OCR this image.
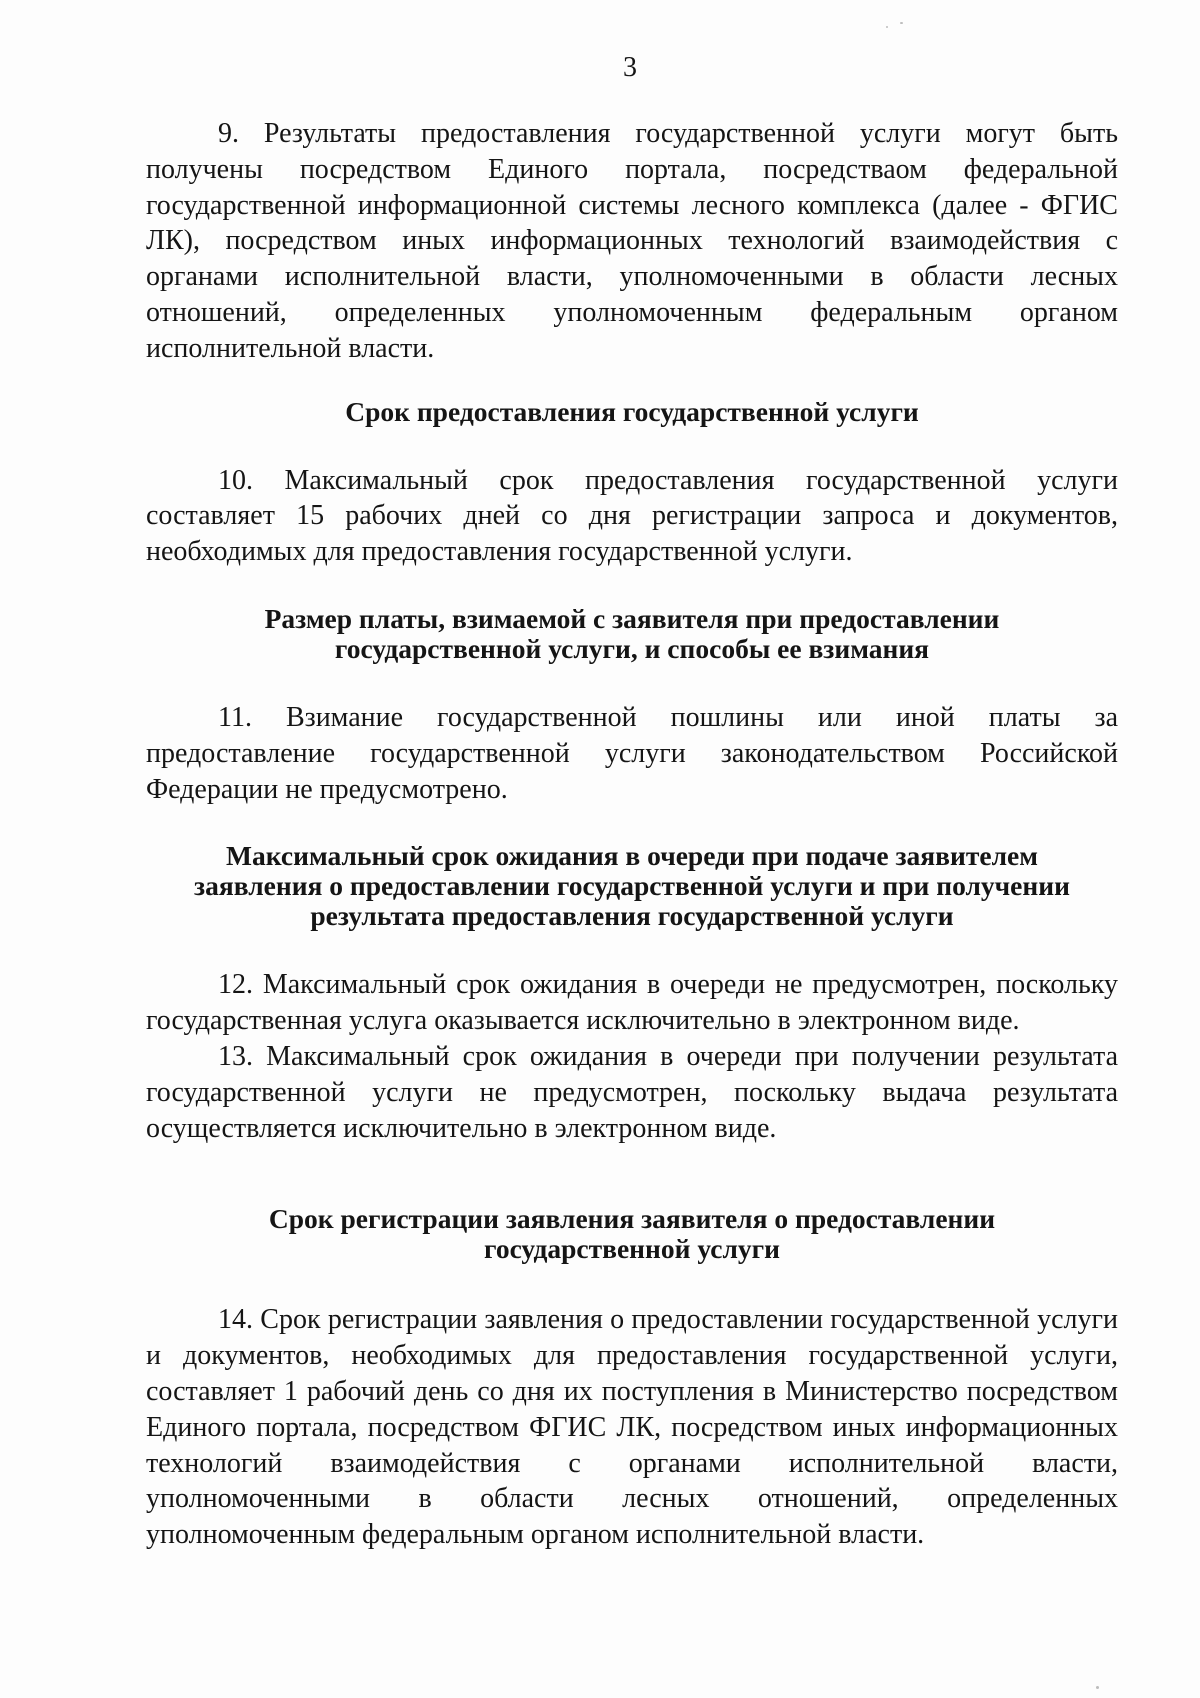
3

9. Результаты предоставления государственной услуги могут быть получены посредством Единого портала, посредстваом федеральной государственной информационной системы лесного комплекса (далее - ФГИС ЛК), посредством иных информационных технологий взаимодействия с органами исполнительной власти, уполномоченными в области лесных отношений, определенных уполномоченным федеральным органом исполнительной власти.

Срок предоставления государственной услуги

10. Максимальный срок предоставления государственной услуги составляет 15 рабочих дней со дня регистрации запроса и документов, необходимых для предоставления государственной услуги.

Размер платы, взимаемой с заявителя при предоставлении
государственной услуги, и способы ее взимания

11. Взимание государственной пошлины или иной платы за предоставление государственной услуги законодательством Российской Федерации не предусмотрено.

Максимальный срок ожидания в очереди при подаче заявителем
заявления о предоставлении государственной услуги и при получении
результата предоставления государственной услуги

12. Максимальный срок ожидания в очереди не предусмотрен, поскольку государственная услуга оказывается исключительно в электронном виде.

13. Максимальный срок ожидания в очереди при получении результата государственной услуги не предусмотрен, поскольку выдача результата осуществляется исключительно в электронном виде.

Срок регистрации заявления заявителя о предоставлении
государственной услуги

14. Срок регистрации заявления о предоставлении государственной услуги и документов, необходимых для предоставления государственной услуги, составляет 1 рабочий день со дня их поступления в Министерство посредством Единого портала, посредством ФГИС ЛК, посредством иных информационных технологий взаимодействия с органами исполнительной власти, уполномоченными в области лесных отношений, определенных уполномоченным федеральным органом исполнительной власти.
